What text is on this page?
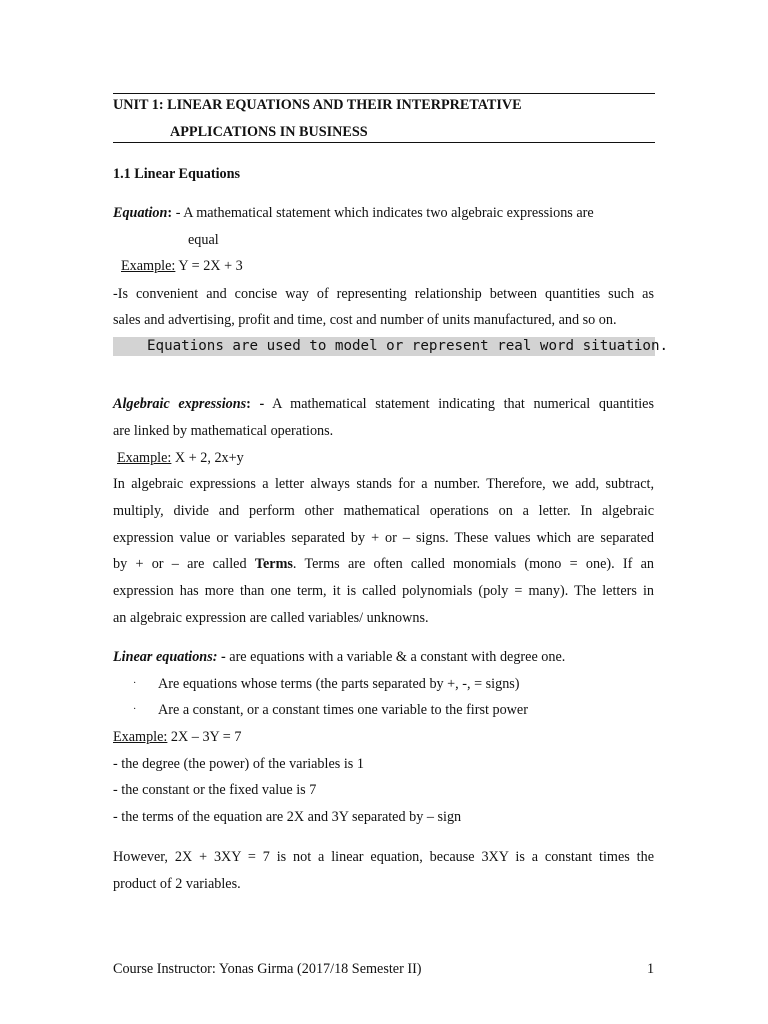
UNIT 1: LINEAR EQUATIONS AND THEIR INTERPRETATIVE
APPLICATIONS IN BUSINESS
1.1 Linear Equations
Equation: - A mathematical statement which indicates two algebraic expressions are
equal
Example: Y = 2X + 3
-Is convenient and concise way of representing relationship between quantities such as
sales and advertising, profit and time, cost and number of units manufactured, and so on.
Equations are used to model or represent real word situation.
Algebraic expressions: - A mathematical statement indicating that numerical quantities
are linked by mathematical operations.
Example: X + 2, 2x+y
In algebraic expressions a letter always stands for a number. Therefore, we add, subtract,
multiply, divide and perform other mathematical operations on a letter. In algebraic
expression value or variables separated by + or – signs. These values which are separated
by + or – are called Terms. Terms are often called monomials (mono = one). If an
expression has more than one term, it is called polynomials (poly = many). The letters in
an algebraic expression are called variables/ unknowns.
Linear equations: - are equations with a variable & a constant with degree one.
· Are equations whose terms (the parts separated by +, -, = signs)
· Are a constant, or a constant times one variable to the first power
Example: 2X – 3Y = 7
- the degree (the power) of the variables is 1
- the constant or the fixed value is 7
- the terms of the equation are 2X and 3Y separated by – sign
However, 2X + 3XY = 7 is not a linear equation, because 3XY is a constant times the
product of 2 variables.
Course Instructor: Yonas Girma (2017/18 Semester II)	1
